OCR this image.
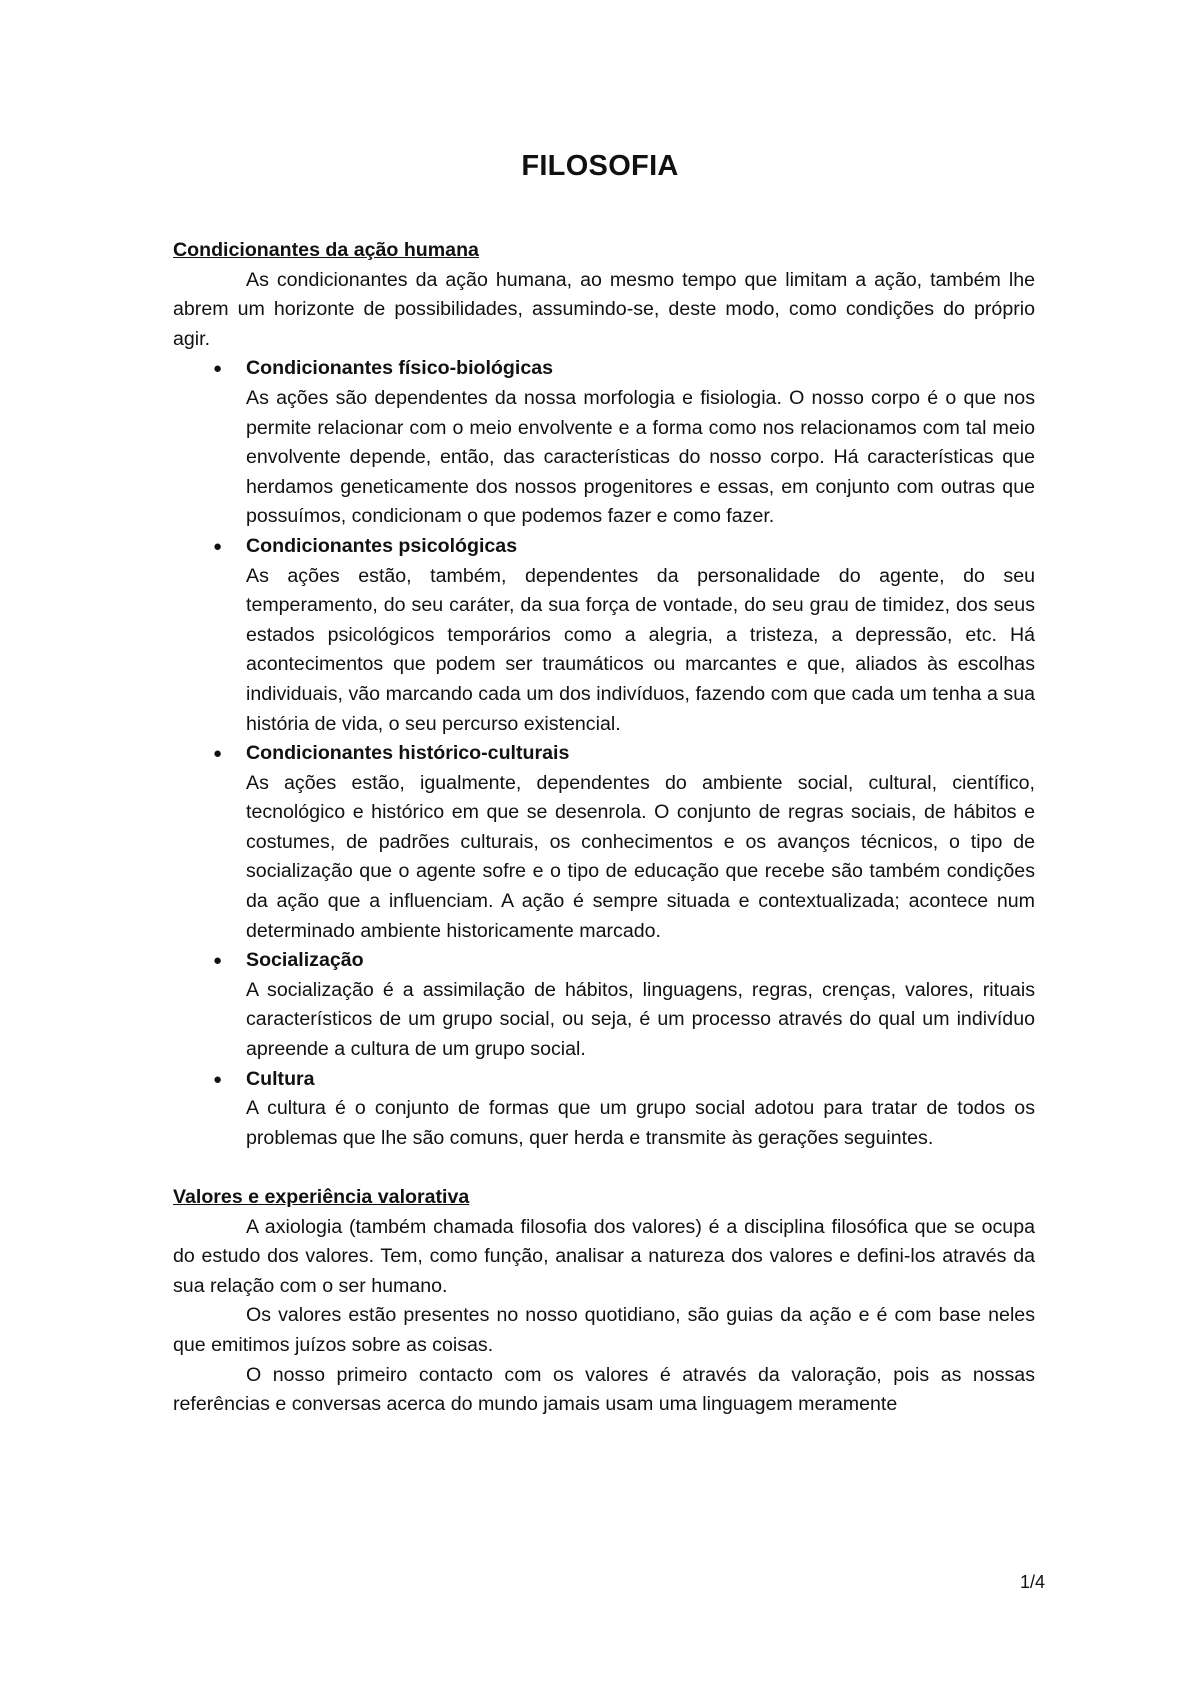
FILOSOFIA
Condicionantes da ação humana

As condicionantes da ação humana, ao mesmo tempo que limitam a ação, também lhe abrem um horizonte de possibilidades, assumindo-se, deste modo, como condições do próprio agir.

● Condicionantes físico-biológicas

As ações são dependentes da nossa morfologia e fisiologia. O nosso corpo é o que nos permite relacionar com o meio envolvente e a forma como nos relacionamos com tal meio envolvente depende, então, das características do nosso corpo. Há características que herdamos geneticamente dos nossos progenitores e essas, em conjunto com outras que possuímos, condicionam o que podemos fazer e como fazer.

● Condicionantes psicológicas

As ações estão, também, dependentes da personalidade do agente, do seu temperamento, do seu caráter, da sua força de vontade, do seu grau de timidez, dos seus estados psicológicos temporários como a alegria, a tristeza, a depressão, etc. Há acontecimentos que podem ser traumáticos ou marcantes e que, aliados às escolhas individuais, vão marcando cada um dos indivíduos, fazendo com que cada um tenha a sua história de vida, o seu percurso existencial.

● Condicionantes histórico-culturais

As ações estão, igualmente, dependentes do ambiente social, cultural, científico, tecnológico e histórico em que se desenrola. O conjunto de regras sociais, de hábitos e costumes, de padrões culturais, os conhecimentos e os avanços técnicos, o tipo de socialização que o agente sofre e o tipo de educação que recebe são também condições da ação que a influenciam. A ação é sempre situada e contextualizada; acontece num determinado ambiente historicamente marcado.

● Socialização

A socialização é a assimilação de hábitos, linguagens, regras, crenças, valores, rituais característicos de um grupo social, ou seja, é um processo através do qual um indivíduo apreende a cultura de um grupo social.

● Cultura

A cultura é o conjunto de formas que um grupo social adotou para tratar de todos os problemas que lhe são comuns, quer herda e transmite às gerações seguintes.

Valores e experiência valorativa

A axiologia (também chamada filosofia dos valores) é a disciplina filosófica que se ocupa do estudo dos valores. Tem, como função, analisar a natureza dos valores e defini-los através da sua relação com o ser humano.

Os valores estão presentes no nosso quotidiano, são guias da ação e é com base neles que emitimos juízos sobre as coisas.

O nosso primeiro contacto com os valores é através da valoração, pois as nossas referências e conversas acerca do mundo jamais usam uma linguagem meramente

1/4
